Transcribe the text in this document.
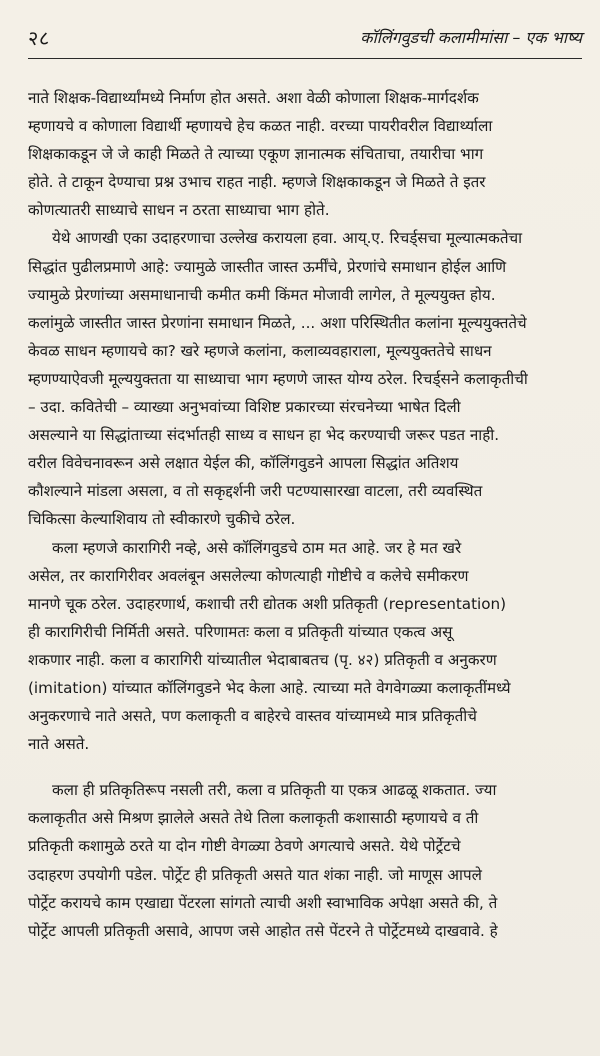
२८	कॉलिंगवुडची कलामीमांसा – एक भाष्य
नाते शिक्षक-विद्यार्थ्यांमध्ये निर्माण होत असते. अशा वेळी कोणाला शिक्षक-मार्गदर्शक
म्हणायचे व कोणाला विद्यार्थी म्हणायचे हेच कळत नाही. वरच्या पायरीवरील विद्यार्थ्याला
शिक्षकाकडून जे जे काही मिळते ते त्याच्या एकूण ज्ञानात्मक संचिताचा, तयारीचा भाग
होते. ते टाकून देण्याचा प्रश्न उभाच राहत नाही. म्हणजे शिक्षकाकडून जे मिळते ते इतर
कोणत्यातरी साध्याचे साधन न ठरता साध्याचा भाग होते.
येथे आणखी एका उदाहरणाचा उल्लेख करायला हवा. आय्.ए. रिचर्ड्सचा मूल्यात्मकतेचा
सिद्धांत पुढीलप्रमाणे आहे: ज्यामुळे जास्तीत जास्त ऊर्मींचे, प्रेरणांचे समाधान होईल आणि
ज्यामुळे प्रेरणांच्या असमाधानाची कमीत कमी किंमत मोजावी लागेल, ते मूल्ययुक्त होय.
कलांमुळे जास्तीत जास्त प्रेरणांना समाधान मिळते, ... अशा परिस्थितीत कलांना मूल्ययुक्ततेचे
केवळ साधन म्हणायचे का? खरे म्हणजे कलांना, कलाव्यवहाराला, मूल्ययुक्ततेचे साधन
म्हणण्याऐवजी मूल्ययुक्तता या साध्याचा भाग म्हणणे जास्त योग्य ठरेल. रिचर्ड्सने कलाकृतीची
– उदा. कवितेची – व्याख्या अनुभवांच्या विशिष्ट प्रकारच्या संरचनेच्या भाषेत दिली
असल्याने या सिद्धांताच्या संदर्भातही साध्य व साधन हा भेद करण्याची जरूर पडत नाही.
वरील विवेचनावरून असे लक्षात येईल की, कॉलिंगवुडने आपला सिद्धांत अतिशय
कौशल्याने मांडला असला, व तो सकृद्दर्शनी जरी पटण्यासारखा वाटला, तरी व्यवस्थित
चिकित्सा केल्याशिवाय तो स्वीकारणे चुकीचे ठरेल.
कला म्हणजे कारागिरी नव्हे, असे कॉलिंगवुडचे ठाम मत आहे. जर हे मत खरे
असेल, तर कारागिरीवर अवलंबून असलेल्या कोणत्याही गोष्टीचे व कलेचे समीकरण
मानणे चूक ठरेल. उदाहरणार्थ, कशाची तरी द्योतक अशी प्रतिकृती (representation)
ही कारागिरीची निर्मिती असते. परिणामतः कला व प्रतिकृती यांच्यात एकत्व असू
शकणार नाही. कला व कारागिरी यांच्यातील भेदाबाबतच (पृ. ४२) प्रतिकृती व अनुकरण
(imitation) यांच्यात कॉलिंगवुडने भेद केला आहे. त्याच्या मते वेगवेगळ्या कलाकृतींमध्ये
अनुकरणाचे नाते असते, पण कलाकृती व बाहेरचे वास्तव यांच्यामध्ये मात्र प्रतिकृतीचे
नाते असते.
कला ही प्रतिकृतिरूप नसली तरी, कला व प्रतिकृती या एकत्र आढळू शकतात. ज्या
कलाकृतीत असे मिश्रण झालेले असते तेथे तिला कलाकृती कशासाठी म्हणायचे व ती
प्रतिकृती कशामुळे ठरते या दोन गोष्टी वेगळ्या ठेवणे अगत्याचे असते. येथे पोर्ट्रेटचे
उदाहरण उपयोगी पडेल. पोर्ट्रेट ही प्रतिकृती असते यात शंका नाही. जो माणूस आपले
पोर्ट्रेट करायचे काम एखाद्या पेंटरला सांगतो त्याची अशी स्वाभाविक अपेक्षा असते की, ते
पोर्ट्रेट आपली प्रतिकृती असावे, आपण जसे आहोत तसे पेंटरने ते पोर्ट्रेटमध्ये दाखवावे. हे
